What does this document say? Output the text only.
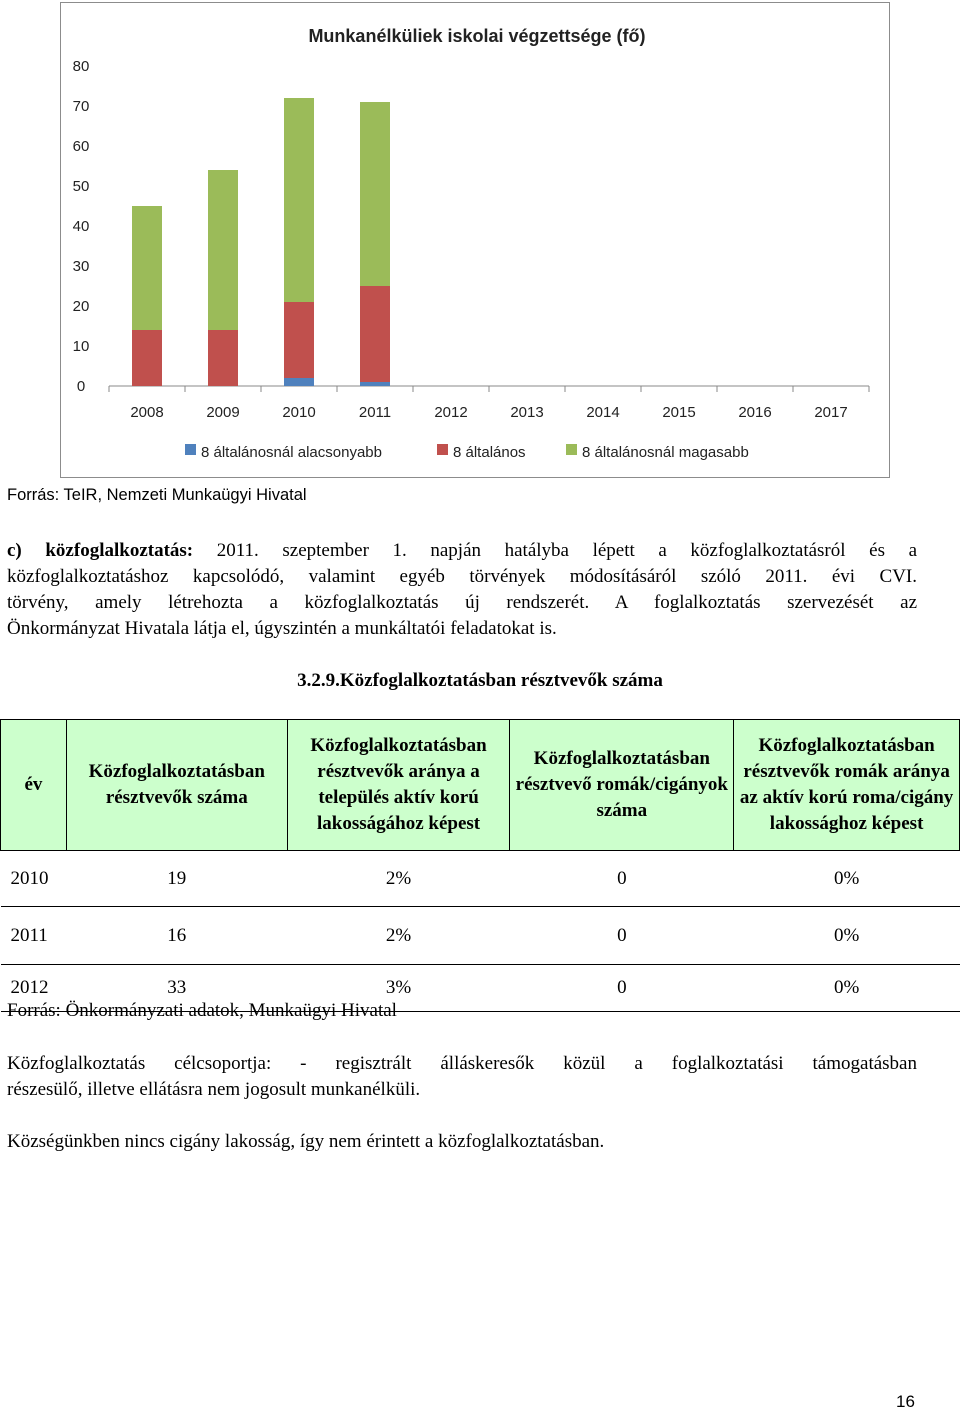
Munkanélküliek iskolai végzettsége (fő)
0
10
20
30
40
50
60
70
80
2008	2009	2010	2011	2012	2013	2014	2015	2016	2017
8 általánosnál alacsonyabb	8 általános	8 általánosnál magasabb
Forrás: TeIR, Nemzeti Munkaügyi Hivatal
c) közfoglalkoztatás: 2011. szeptember 1. napján hatályba lépett a közfoglalkoztatásról és a
közfoglalkoztatáshoz kapcsolódó, valamint egyéb törvények módosításáról szóló 2011. évi CVI.
törvény, amely létrehozta a közfoglalkoztatás új rendszerét. A foglalkoztatás szervezését az
Önkormányzat Hivatala látja el, úgyszintén a munkáltatói feladatokat is.
3.2.9.Közfoglalkoztatásban résztvevők száma
év	Közfoglalkoztatásban résztvevők száma	Közfoglalkoztatásban résztvevők aránya a település aktív korú lakosságához képest	Közfoglalkoztatásban résztvevő romák/cigányok száma	Közfoglalkoztatásban résztvevők romák aránya az aktív korú roma/cigány lakossághoz képest
2010	19	2%	0	0%
2011	16	2%	0	0%
2012	33	3%	0	0%
Forrás: Önkormányzati adatok, Munkaügyi Hivatal
Közfoglalkoztatás célcsoportja: - regisztrált álláskeresők közül a foglalkoztatási támogatásban
részesülő, illetve ellátásra nem jogosult munkanélküli.
Községünkben nincs cigány lakosság, így nem érintett a közfoglalkoztatásban.
16
